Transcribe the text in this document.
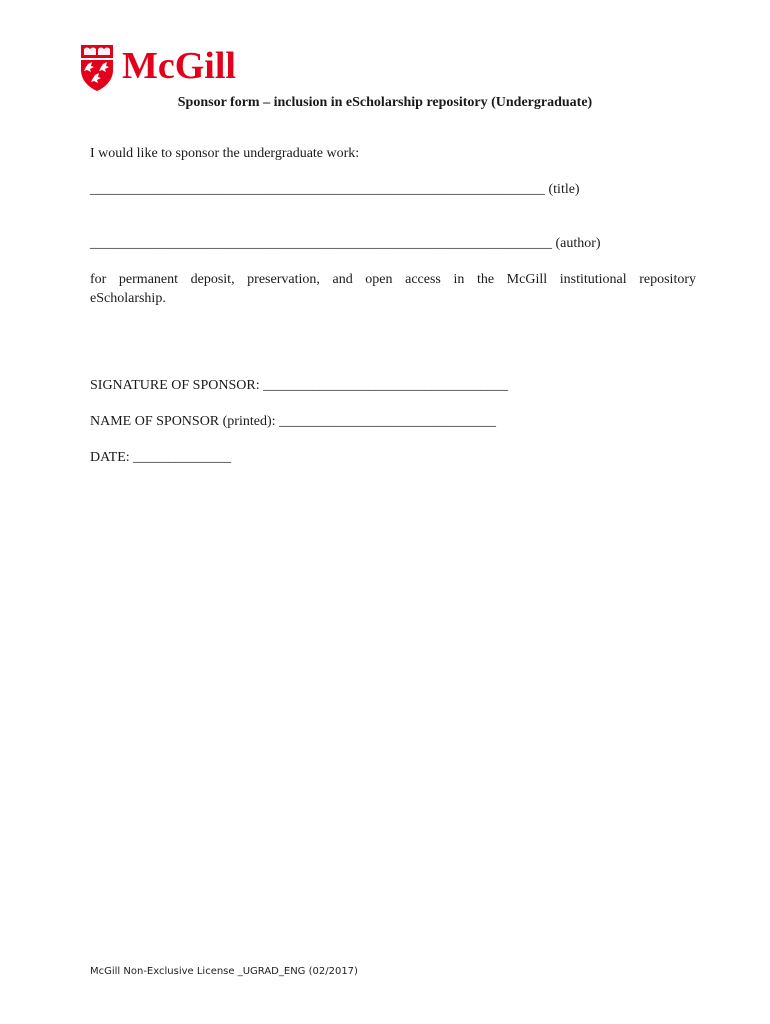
McGill
Sponsor form – inclusion in eScholarship repository (Undergraduate)
I would like to sponsor the undergraduate work:
_________________________________________________________________ (title)
__________________________________________________________________ (author)
for permanent deposit, preservation, and open access in the McGill institutional repository eScholarship.
SIGNATURE OF SPONSOR: ___________________________________
NAME OF SPONSOR (printed): _______________________________
DATE: ______________
McGill Non-Exclusive License _UGRAD_ENG (02/2017)
